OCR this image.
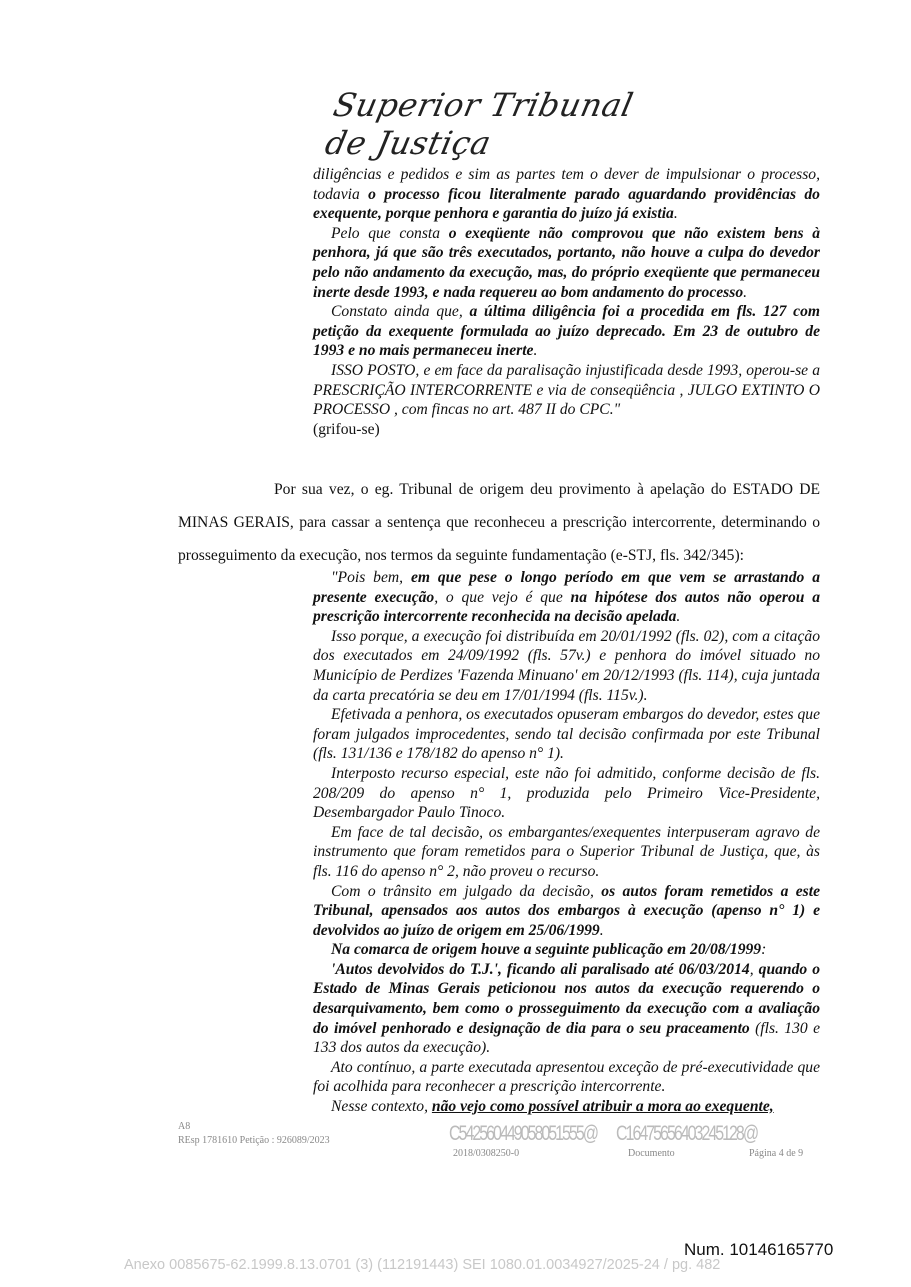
Superior Tribunal de Justiça

diligências e pedidos e sim as partes tem o dever de impulsionar o processo, todavia o processo ficou literalmente parado aguardando providências do exequente, porque penhora e garantia do juízo já existia.

Pelo que consta o exeqüente não comprovou que não existem bens à penhora, já que são três executados, portanto, não houve a culpa do devedor pelo não andamento da execução, mas, do próprio exeqüente que permaneceu inerte desde 1993, e nada requereu ao bom andamento do processo.

Constato ainda que, a última diligência foi a procedida em fls. 127 com petição da exequente formulada ao juízo deprecado. Em 23 de outubro de 1993 e no mais permaneceu inerte.

ISSO POSTO, e em face da paralisação injustificada desde 1993, operou-se a PRESCRIÇÃO INTERCORRENTE e via de conseqüência , JULGO EXTINTO O PROCESSO , com fincas no art. 487 II do CPC."
(grifou-se)

Por sua vez, o eg. Tribunal de origem deu provimento à apelação do ESTADO DE MINAS GERAIS, para cassar a sentença que reconheceu a prescrição intercorrente, determinando o prosseguimento da execução, nos termos da seguinte fundamentação (e-STJ, fls. 342/345):

"Pois bem, em que pese o longo período em que vem se arrastando a presente execução, o que vejo é que na hipótese dos autos não operou a prescrição intercorrente reconhecida na decisão apelada.

Isso porque, a execução foi distribuída em 20/01/1992 (fls. 02), com a citação dos executados em 24/09/1992 (fls. 57v.) e penhora do imóvel situado no Município de Perdizes 'Fazenda Minuano' em 20/12/1993 (fls. 114), cuja juntada da carta precatória se deu em 17/01/1994 (fls. 115v.).

Efetivada a penhora, os executados opuseram embargos do devedor, estes que foram julgados improcedentes, sendo tal decisão confirmada por este Tribunal (fls. 131/136 e 178/182 do apenso n° 1).

Interposto recurso especial, este não foi admitido, conforme decisão de fls. 208/209 do apenso n° 1, produzida pelo Primeiro Vice-Presidente, Desembargador Paulo Tinoco.

Em face de tal decisão, os embargantes/exequentes interpuseram agravo de instrumento que foram remetidos para o Superior Tribunal de Justiça, que, às fls. 116 do apenso n° 2, não proveu o recurso.

Com o trânsito em julgado da decisão, os autos foram remetidos a este Tribunal, apensados aos autos dos embargos à execução (apenso n° 1) e devolvidos ao juízo de origem em 25/06/1999.

Na comarca de origem houve a seguinte publicação em 20/08/1999:

'Autos devolvidos do T.J.', ficando ali paralisado até 06/03/2014, quando o Estado de Minas Gerais peticionou nos autos da execução requerendo o desarquivamento, bem como o prosseguimento da execução com a avaliação do imóvel penhorado e designação de dia para o seu praceamento (fls. 130 e 133 dos autos da execução).

Ato contínuo, a parte executada apresentou exceção de pré-executividade que foi acolhida para reconhecer a prescrição intercorrente.

Nesse contexto, não vejo como possível atribuir a mora ao exequente,

A8
REsp 1781610 Petição : 926089/2023	C542560449058051555@
2018/0308250-0
C16475656403245128@
Documento	Página 4 de 9
Num. 10146165770
Anexo 0085675-62.1999.8.13.0701 (3) (112191443) SEI 1080.01.0034927/2025-24 / pg. 482
